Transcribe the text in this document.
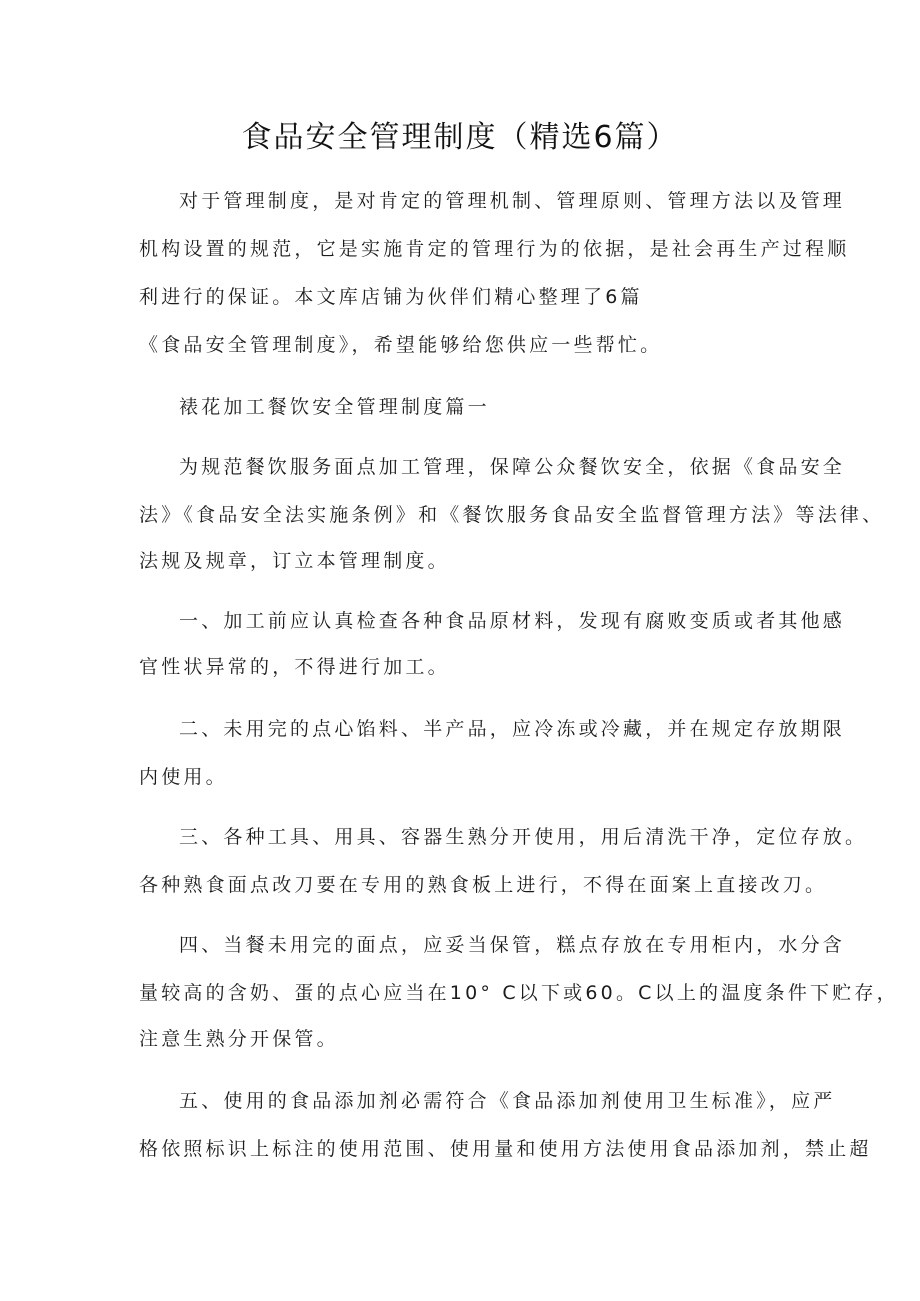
食品安全管理制度（精选6篇）
对于管理制度，是对肯定的管理机制、管理原则、管理方法以及管理
机构设置的规范，它是实施肯定的管理行为的依据，是社会再生产过程顺
利进行的保证。本文库店铺为伙伴们精心整理了6篇
《食品安全管理制度》，希望能够给您供应一些帮忙。
裱花加工餐饮安全管理制度篇一
为规范餐饮服务面点加工管理，保障公众餐饮安全，依据《食品安全
法》《食品安全法实施条例》和《餐饮服务食品安全监督管理方法》等法律、
法规及规章，订立本管理制度。
一、加工前应认真检查各种食品原材料，发现有腐败变质或者其他感
官性状异常的，不得进行加工。
二、未用完的点心馅料、半产品，应冷冻或冷藏，并在规定存放期限
内使用。
三、各种工具、用具、容器生熟分开使用，用后清洗干净，定位存放。
各种熟食面点改刀要在专用的熟食板上进行，不得在面案上直接改刀。
四、当餐未用完的面点，应妥当保管，糕点存放在专用柜内，水分含
量较高的含奶、蛋的点心应当在10° C以下或60。C以上的温度条件下贮存，
注意生熟分开保管。
五、使用的食品添加剂必需符合《食品添加剂使用卫生标准》，应严
格依照标识上标注的使用范围、使用量和使用方法使用食品添加剂，禁止超
